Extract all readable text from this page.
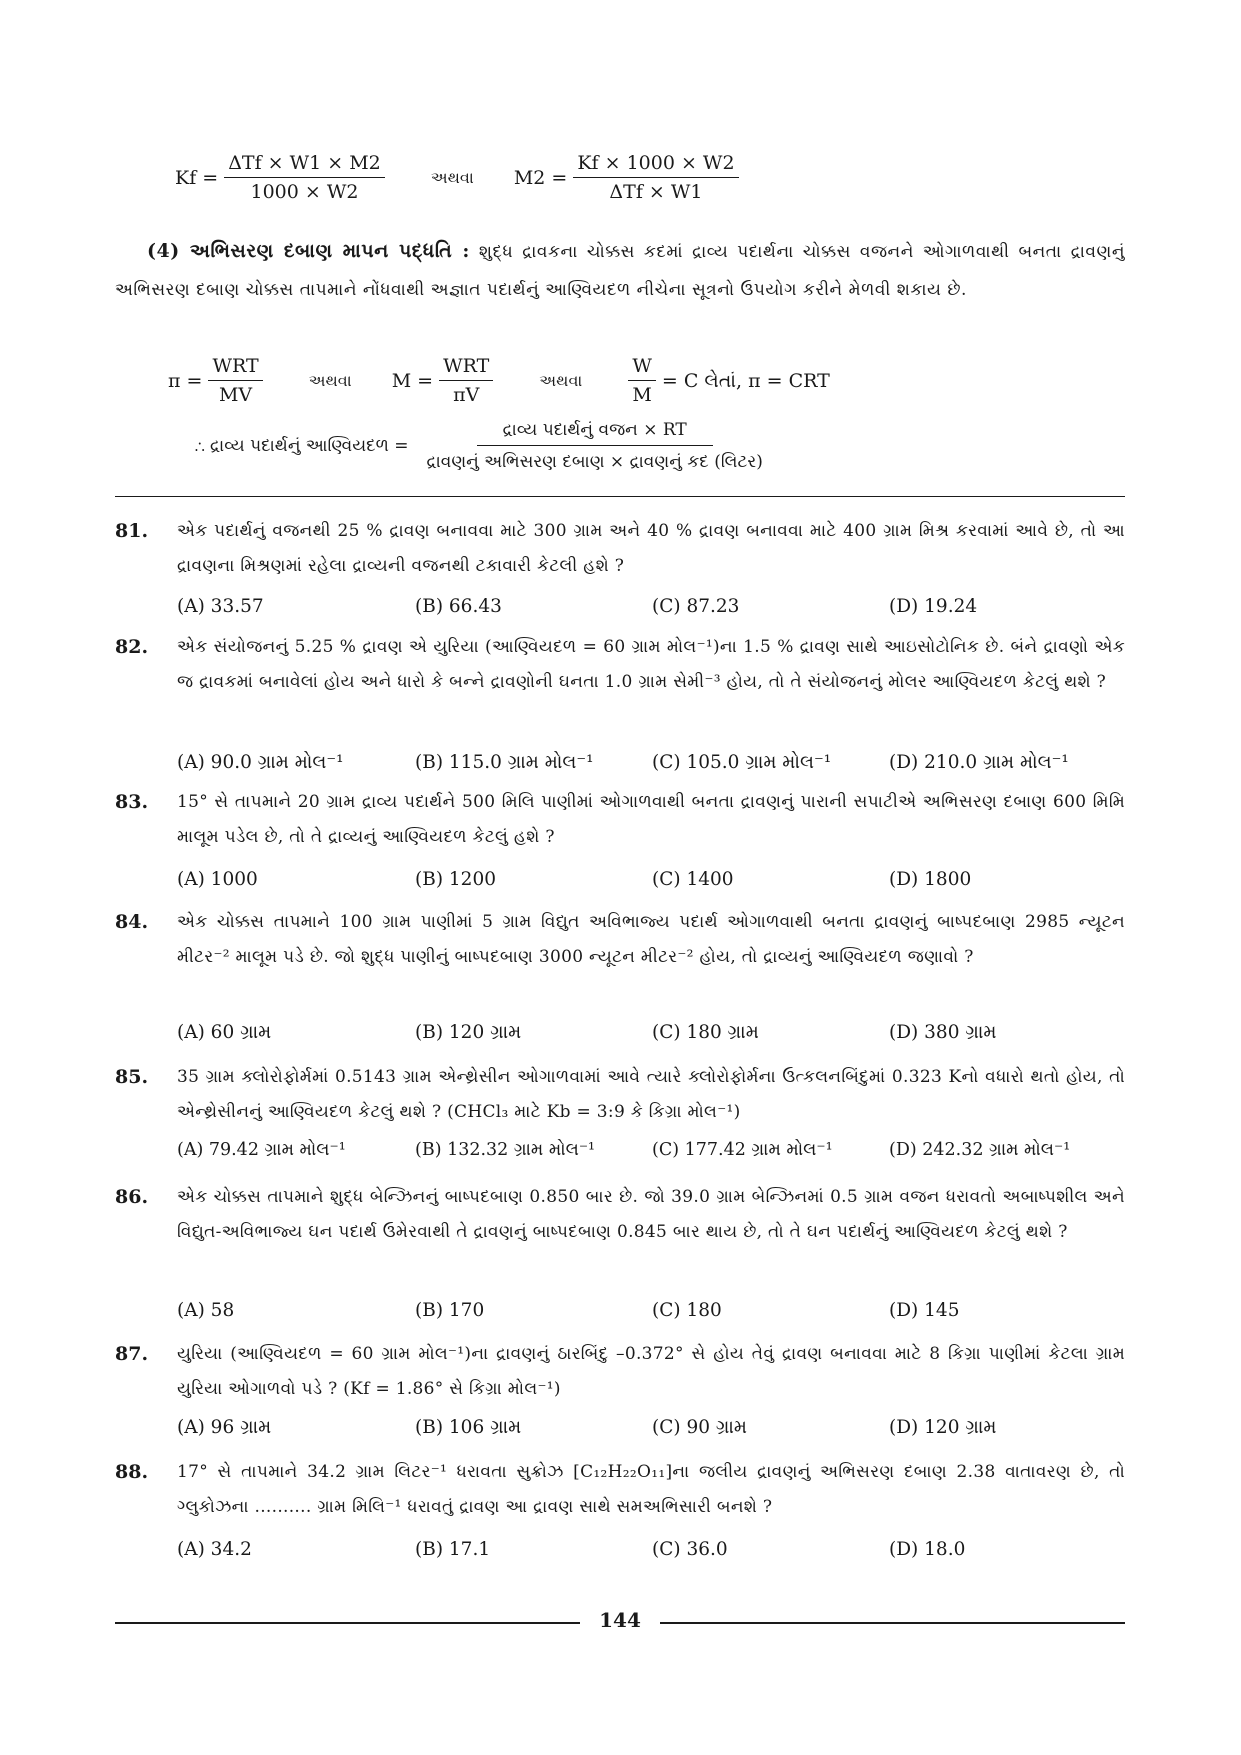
$Kf = \frac{\text{ΔTf × W1 × M2}}{1000 \times W2}$	અથવા $M2 = \frac{Kf \times 1000 \times W2}{\text{ΔTf × W1}}$
(4) અભિસરણ દબાણ માપન પદ્ધતિ : શુદ્ધ દ્રાવકના ચોક્કસ કદમાં દ્રાવ્ય પદાર્થના ચોક્કસ વજનને ઓગાળવાથી બનતા દ્રાવણનું અભિસરણ દબાણ ચોક્કસ તાપમાને નોંધવાથી અજ્ઞાત પદાર્થનું આણ્વિયદળ નીચેના સૂત્રનો ઉપયોગ કરીને મેળવી શકાય છે.
$\pi = \frac{\text{WRT}}{MV}$	અથવા $M = \frac{\text{WRT}}{\pi V}$	અથવા $\frac{W}{M} = C$ લેતાં, π = CRT
∴ દ્રાવ્ય પદાર્થનું આણ્વિયદળ = $\frac{\text{દ્રાવ્ય પદાર્થનું વજન × RT}}{\text{દ્રાવણનું અભિસરણ દબાણ × દ્રાવણનું કદ (લિટર)}}$
81. એક પદાર્થનું વજનથી 25 % દ્રાવણ બનાવવા માટે 300 ગ્રામ અને 40 % દ્રાવણ બનાવવા માટે 400 ગ્રામ મિશ્ર કરવામાં આવે છે, તો આ દ્રાવણના મિશ્રણમાં રહેલા દ્રાવ્યની વજનથી ટકાવારી કેટલી હશે ?
(A) 33.57	(B) 66.43	(C) 87.23	(D) 19.24
82. એક સંયોજનનું 5.25 % દ્રાવણ એ યુરિયા (આણ્વિયદળ = 60 ગ્રામ મોલ⁻¹)ના 1.5 % દ્રાવણ સાથે આઇસોટોનિક છે. બંને દ્રાવણો એક જ દ્રાવકમાં બનાવેલાં હોય અને ધારો કે બન્ને દ્રાવણોની ઘનતા 1.0 ગ્રામ સેમી⁻³ હોય, તો તે સંયોજનનું મોલર આણ્વિયદળ કેટલું થશે ?
(A) 90.0 ગ્રામ મોલ⁻¹	(B) 115.0 ગ્રામ મોલ⁻¹	(C) 105.0 ગ્રામ મોલ⁻¹	(D) 210.0 ગ્રામ મોલ⁻¹
83. 15° સે તાપમાને 20 ગ્રામ દ્રાવ્ય પદાર્થને 500 મિલિ પાણીમાં ઓગાળવાથી બનતા દ્રાવણનું પારાની સપાટીએ અભિસરણ દબાણ 600 મિમિ માલૂમ પડેલ છે, તો તે દ્રાવ્યનું આણ્વિયદળ કેટલું હશે ?
(A) 1000	(B) 1200	(C) 1400	(D) 1800
84. એક ચોક્કસ તાપમાને 100 ગ્રામ પાણીમાં 5 ગ્રામ વિદ્યુત અવિભાજ્ય પદાર્થ ઓગાળવાથી બનતા દ્રાવણનું બાષ્પદબાણ 2985 ન્યૂટન મીટર⁻² માલૂમ પડે છે. જો શુદ્ધ પાણીનું બાષ્પદબાણ 3000 ન્યૂટન મીટર⁻² હોય, તો દ્રાવ્યનું આણ્વિયદળ જણાવો ?
(A) 60 ગ્રામ	(B) 120 ગ્રામ	(C) 180 ગ્રામ	(D) 380 ગ્રામ
85. 35 ગ્રામ ક્લોરોફોર્મમાં 0.5143 ગ્રામ એન્થ્રેસીન ઓગાળવામાં આવે ત્યારે ક્લોરોફોર્મના ઉત્કલનબિંદુમાં 0.323 Kનો વધારો થતો હોય, તો એન્થ્રેસીનનું આણ્વિયદળ કેટલું થશે ? (CHCl₃ માટે Kb = 3:9 કે કિગ્રા મોલ⁻¹)
(A) 79.42 ગ્રામ મોલ⁻¹	(B) 132.32 ગ્રામ મોલ⁻¹	(C) 177.42 ગ્રામ મોલ⁻¹	(D) 242.32 ગ્રામ મોલ⁻¹
86. એક ચોક્કસ તાપમાને શુદ્ધ બેન્ઝિનનું બાષ્પદબાણ 0.850 બાર છે. જો 39.0 ગ્રામ બેન્ઝિનમાં 0.5 ગ્રામ વજન ધરાવતો અબાષ્પશીલ અને વિદ્યુત-અવિભાજ્ય ઘન પદાર્થ ઉમેરવાથી તે દ્રાવણનું બાષ્પદબાણ 0.845 બાર થાય છે, તો તે ઘન પદાર્થનું આણ્વિયદળ કેટલું થશે ?
(A) 58	(B) 170	(C) 180	(D) 145
87. યુરિયા (આણ્વિયદળ = 60 ગ્રામ મોલ⁻¹)ના દ્રાવણનું ઠારબિંદુ –0.372° સે હોય તેવું દ્રાવણ બનાવવા માટે 8 કિગ્રા પાણીમાં કેટલા ગ્રામ યુરિયા ઓગાળવો પડે ? (Kf = 1.86° સે કિગ્રા મોલ⁻¹)
(A) 96 ગ્રામ	(B) 106 ગ્રામ	(C) 90 ગ્રામ	(D) 120 ગ્રામ
88. 17° સે તાપમાને 34.2 ગ્રામ લિટર⁻¹ ધરાવતા સુક્રોઝ [C₁₂H₂₂O₁₁]ના જલીય દ્રાવણનું અભિસરણ દબાણ 2.38 વાતાવરણ છે, તો ગ્લુકોઝના .......... ગ્રામ મિલિ⁻¹ ધરાવતું દ્રાવણ આ દ્રાવણ સાથે સમઅભિસારી બનશે ?
(A) 34.2	(B) 17.1	(C) 36.0	(D) 18.0
144
